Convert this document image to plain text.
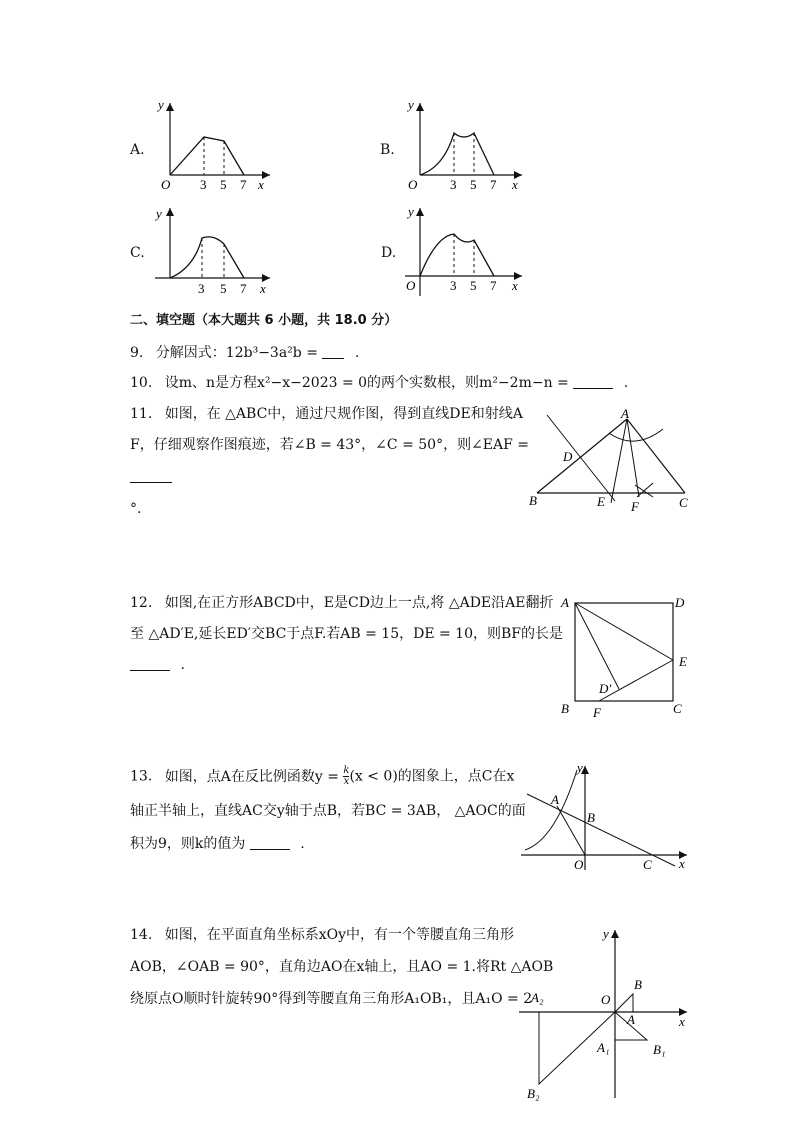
A.
O 3 5 7 x
y
B.
O	3 5 7 x
y
C.
3 5 7 x
y
D.
O	3 5 7 x
y
二、填空题（本大题共 6 小题，共 18.0 分）
9. 分解因式：12b³−3a²b =  .
10. 设m、n是方程x²−x−2023 = 0的两个实数根，则m²−2m−n =	.
11. 如图，在 △ABC中，通过尺规作图，得到直线DE和射线A
F，仔细观察作图痕迹，若∠B = 43°，∠C = 50°，则∠EAF =
°.
A
B	C
D
E F
12. 如图,在正方形ABCD中，E是CD边上一点,将 △ADE沿AE翻折
至 △AD′E,延长ED′交BC于点F.若AB = 15，DE = 10，则BF的长是
.
A	D
E
B	C
F
D′
13. 如图，点A在反比例函数$y = \frac{k}{x} (x < 0)$的图象上，点C在x
轴正半轴上，直线AC交y轴于点B，若BC = 3AB， △AOC的面
积为9，则k的值为	.
A
B
C
O	x
y
14. 如图，在平面直角坐标系xOy中，有一个等腰直角三角形
AOB，∠OAB = 90°，直角边AO在x轴上，且AO = 1.将Rt △AOB
绕原点O顺时针旋转90°得到等腰直角三角形A₁OB₁，且A₁O = 2
A
B
O
A₁	B₁
A₂
B₂
x
y
